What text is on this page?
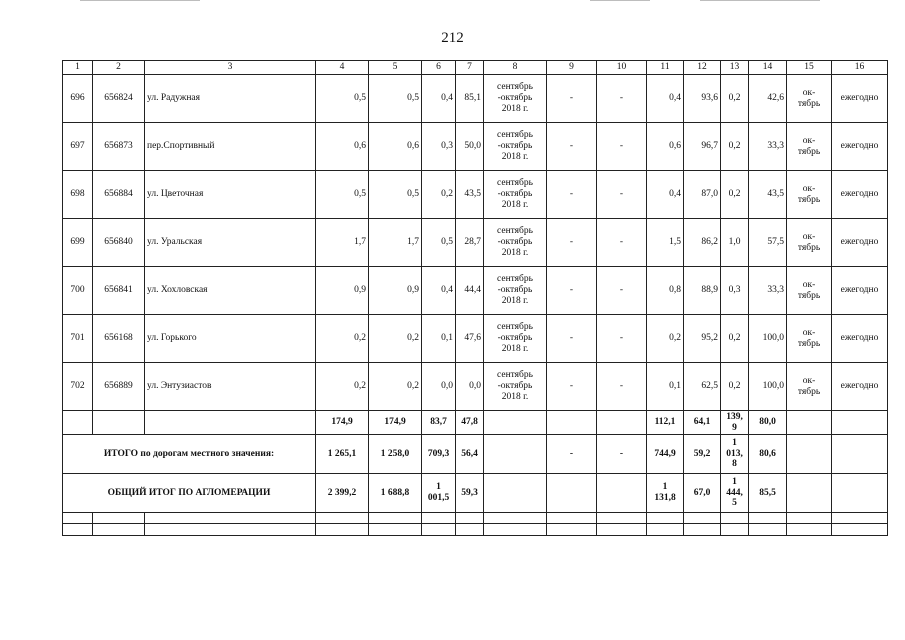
212
1	2	3	4	5	6	7	8	9	10	11	12	13	14	15	16
696	656824	ул. Радужная	0,5	0,5	0,4	85,1	сентябрь
-октябрь
2018 г.	-	-	0,4	93,6	0,2	42,6	ок-
тябрь	ежегодно
697	656873	пер.Спортивный	0,6	0,6	0,3	50,0	сентябрь
-октябрь
2018 г.	-	-	0,6	96,7	0,2	33,3	ок-
тябрь	ежегодно
698	656884	ул. Цветочная	0,5	0,5	0,2	43,5	сентябрь
-октябрь
2018 г.	-	-	0,4	87,0	0,2	43,5	ок-
тябрь	ежегодно
699	656840	ул. Уральская	1,7	1,7	0,5	28,7	сентябрь
-октябрь
2018 г.	-	-	1,5	86,2	1,0	57,5	ок-
тябрь	ежегодно
700	656841	ул. Хохловская	0,9	0,9	0,4	44,4	сентябрь
-октябрь
2018 г.	-	-	0,8	88,9	0,3	33,3	ок-
тябрь	ежегодно
701	656168	ул. Горького	0,2	0,2	0,1	47,6	сентябрь
-октябрь
2018 г.	-	-	0,2	95,2	0,2	100,0	ок-
тябрь	ежегодно
702	656889	ул. Энтузиастов	0,2	0,2	0,0	0,0	сентябрь
-октябрь
2018 г.	-	-	0,1	62,5	0,2	100,0	ок-
тябрь	ежегодно
			174,9	174,9	83,7	47,8				112,1	64,1	139,
9	80,0		
ИТОГО по дорогам местного значения:			1 265,1	1 258,0	709,3	56,4		-	-	744,9	59,2	1
013,
8	80,6		
ОБЩИЙ ИТОГ ПО АГЛОМЕРАЦИИ			2 399,2	1 688,8	1
001,5	59,3				1
131,8	67,0	1
444,
5	85,5		
